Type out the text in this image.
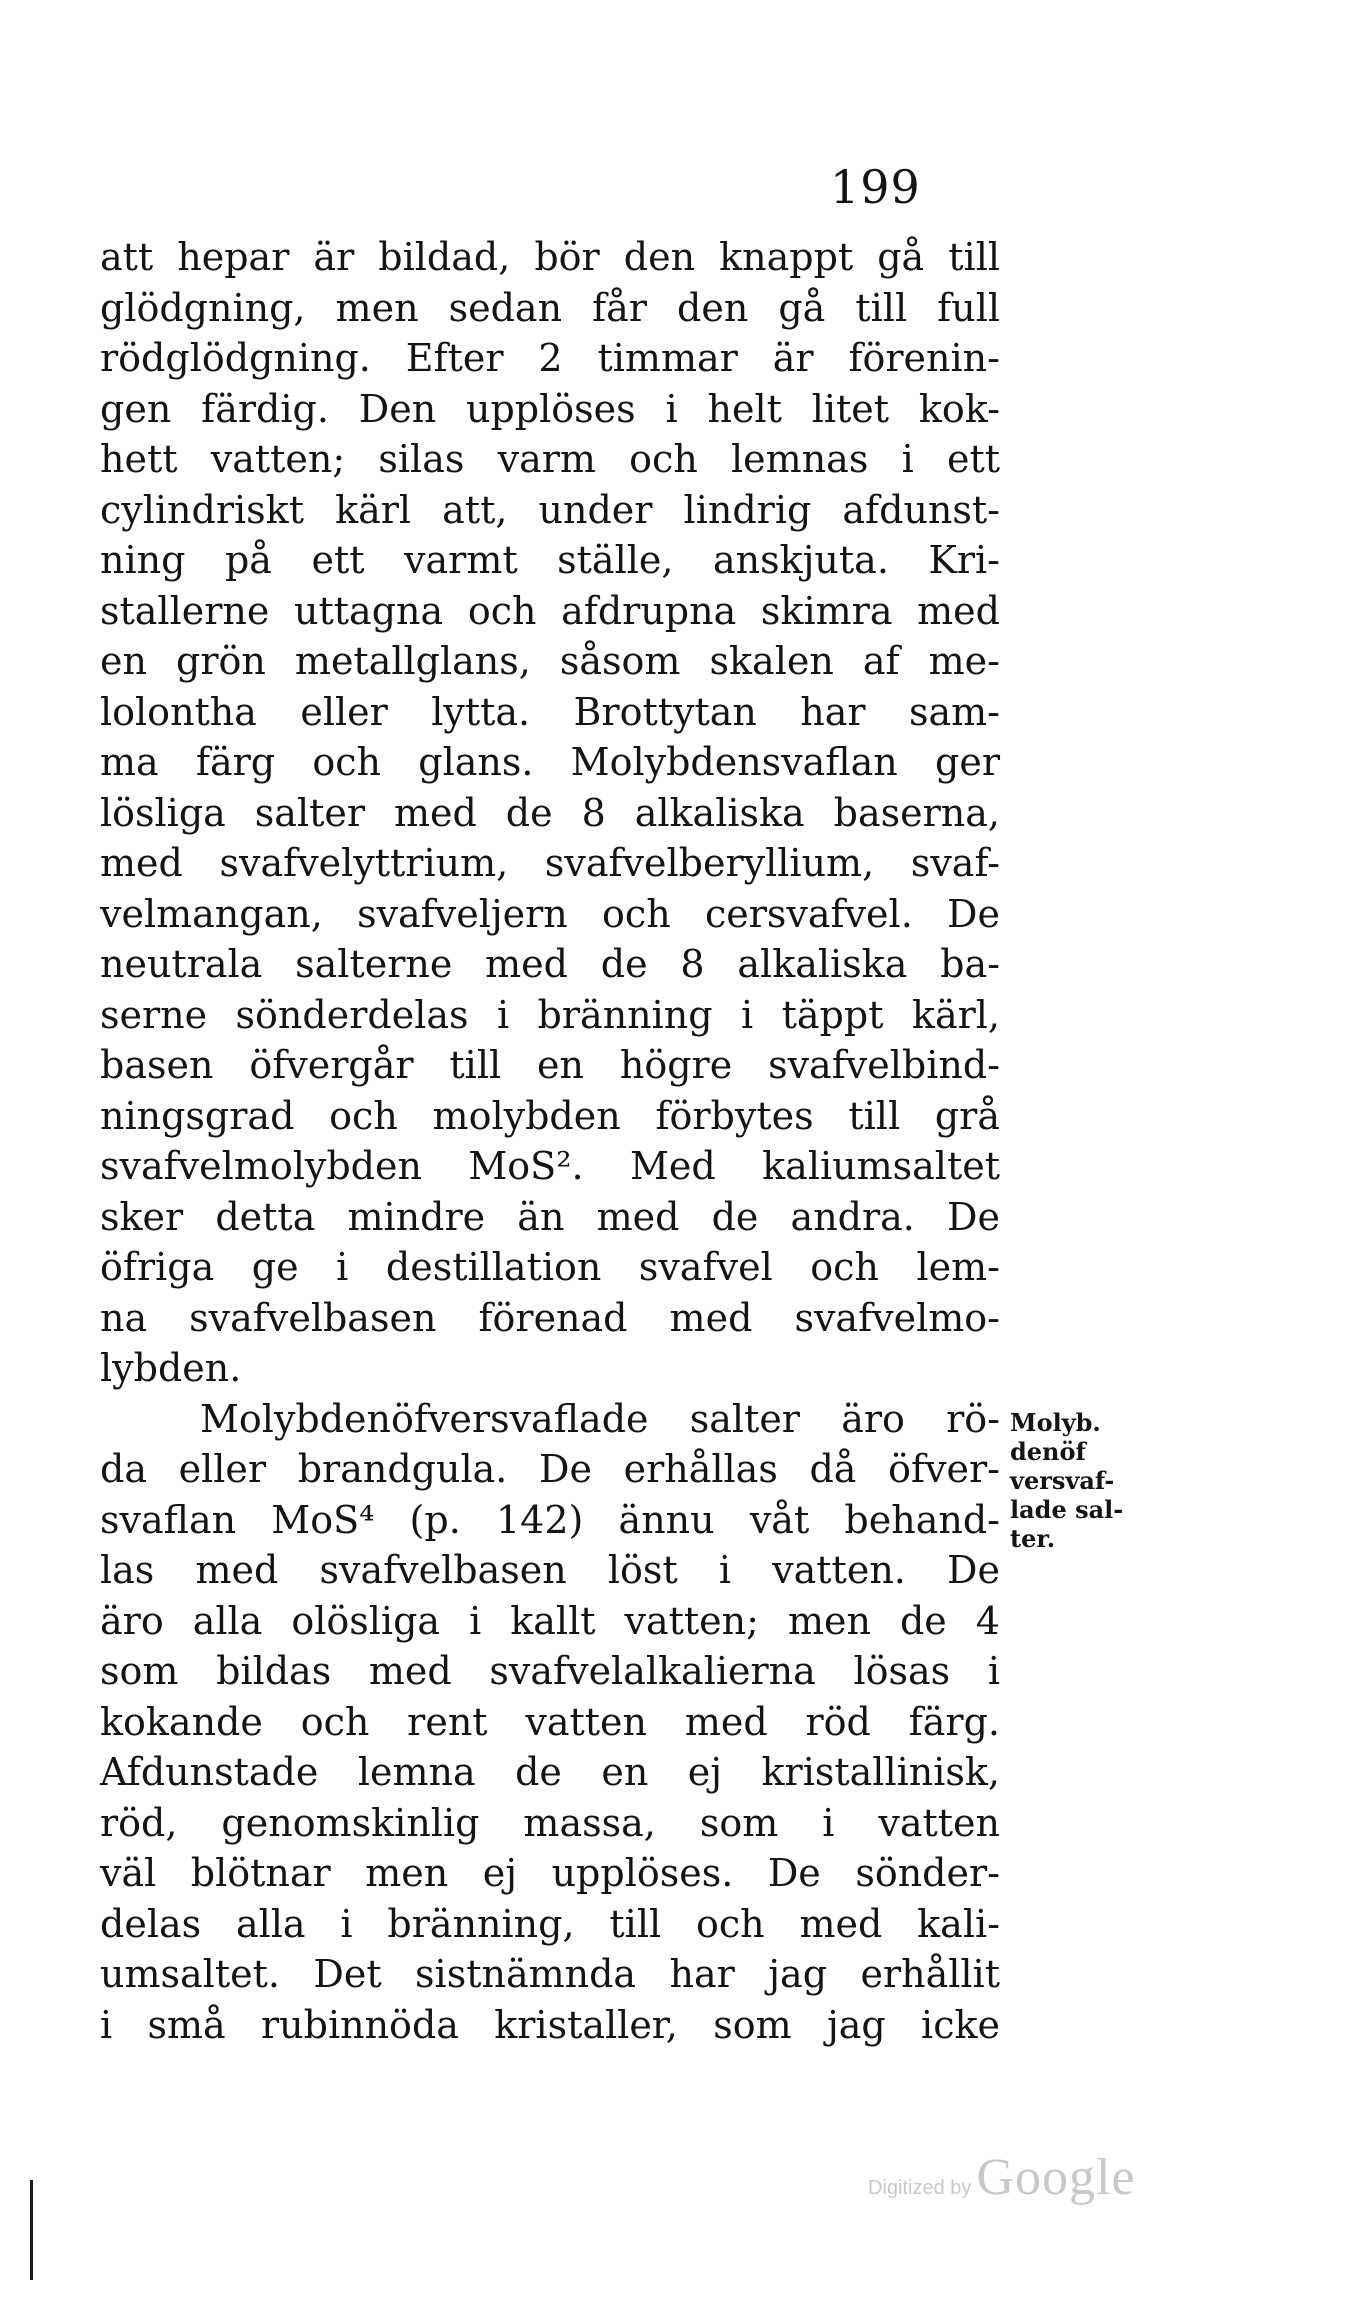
199
att hepar är bildad, bör den knappt gå till
glödgning, men sedan får den gå till full
rödglödgning. Efter 2 timmar är förenin-
gen färdig. Den upplöses i helt litet kok-
hett vatten; silas varm och lemnas i ett
cylindriskt kärl att, under lindrig afdunst-
ning på ett varmt ställe, anskjuta. Kri-
stallerne uttagna och afdrupna skimra med
en grön metallglans, såsom skalen af me-
lolontha eller lytta. Brottytan har sam-
ma färg och glans. Molybdensvaflan ger
lösliga salter med de 8 alkaliska baserna,
med svafvelyttrium, svafvelberyllium, svaf-
velmangan, svafveljern och cersvafvel. De
neutrala salterne med de 8 alkaliska ba-
serne sönderdelas i bränning i täppt kärl,
basen öfvergår till en högre svafvelbind-
ningsgrad och molybden förbytes till grå
svafvelmolybden MoS². Med kaliumsaltet
sker detta mindre än med de andra. De
öfriga ge i destillation svafvel och lem-
na svafvelbasen förenad med svafvelmo-
lybden.
Molybdenöfversvaflade salter äro rö-
da eller brandgula. De erhållas då öfver-
svaflan MoS⁴ (p. 142) ännu våt behand-
las med svafvelbasen löst i vatten. De
äro alla olösliga i kallt vatten; men de 4
som bildas med svafvelalkalierna lösas i
kokande och rent vatten med röd färg.
Afdunstade lemna de en ej kristallinisk,
röd, genomskinlig massa, som i vatten
väl blötnar men ej upplöses. De sönder-
delas alla i bränning, till och med kali-
umsaltet. Det sistnämnda har jag erhållit
i små rubinnöda kristaller, som jag icke
Molyb.
denöf
versvaf-
lade sal-
ter.
Digitized by Google
